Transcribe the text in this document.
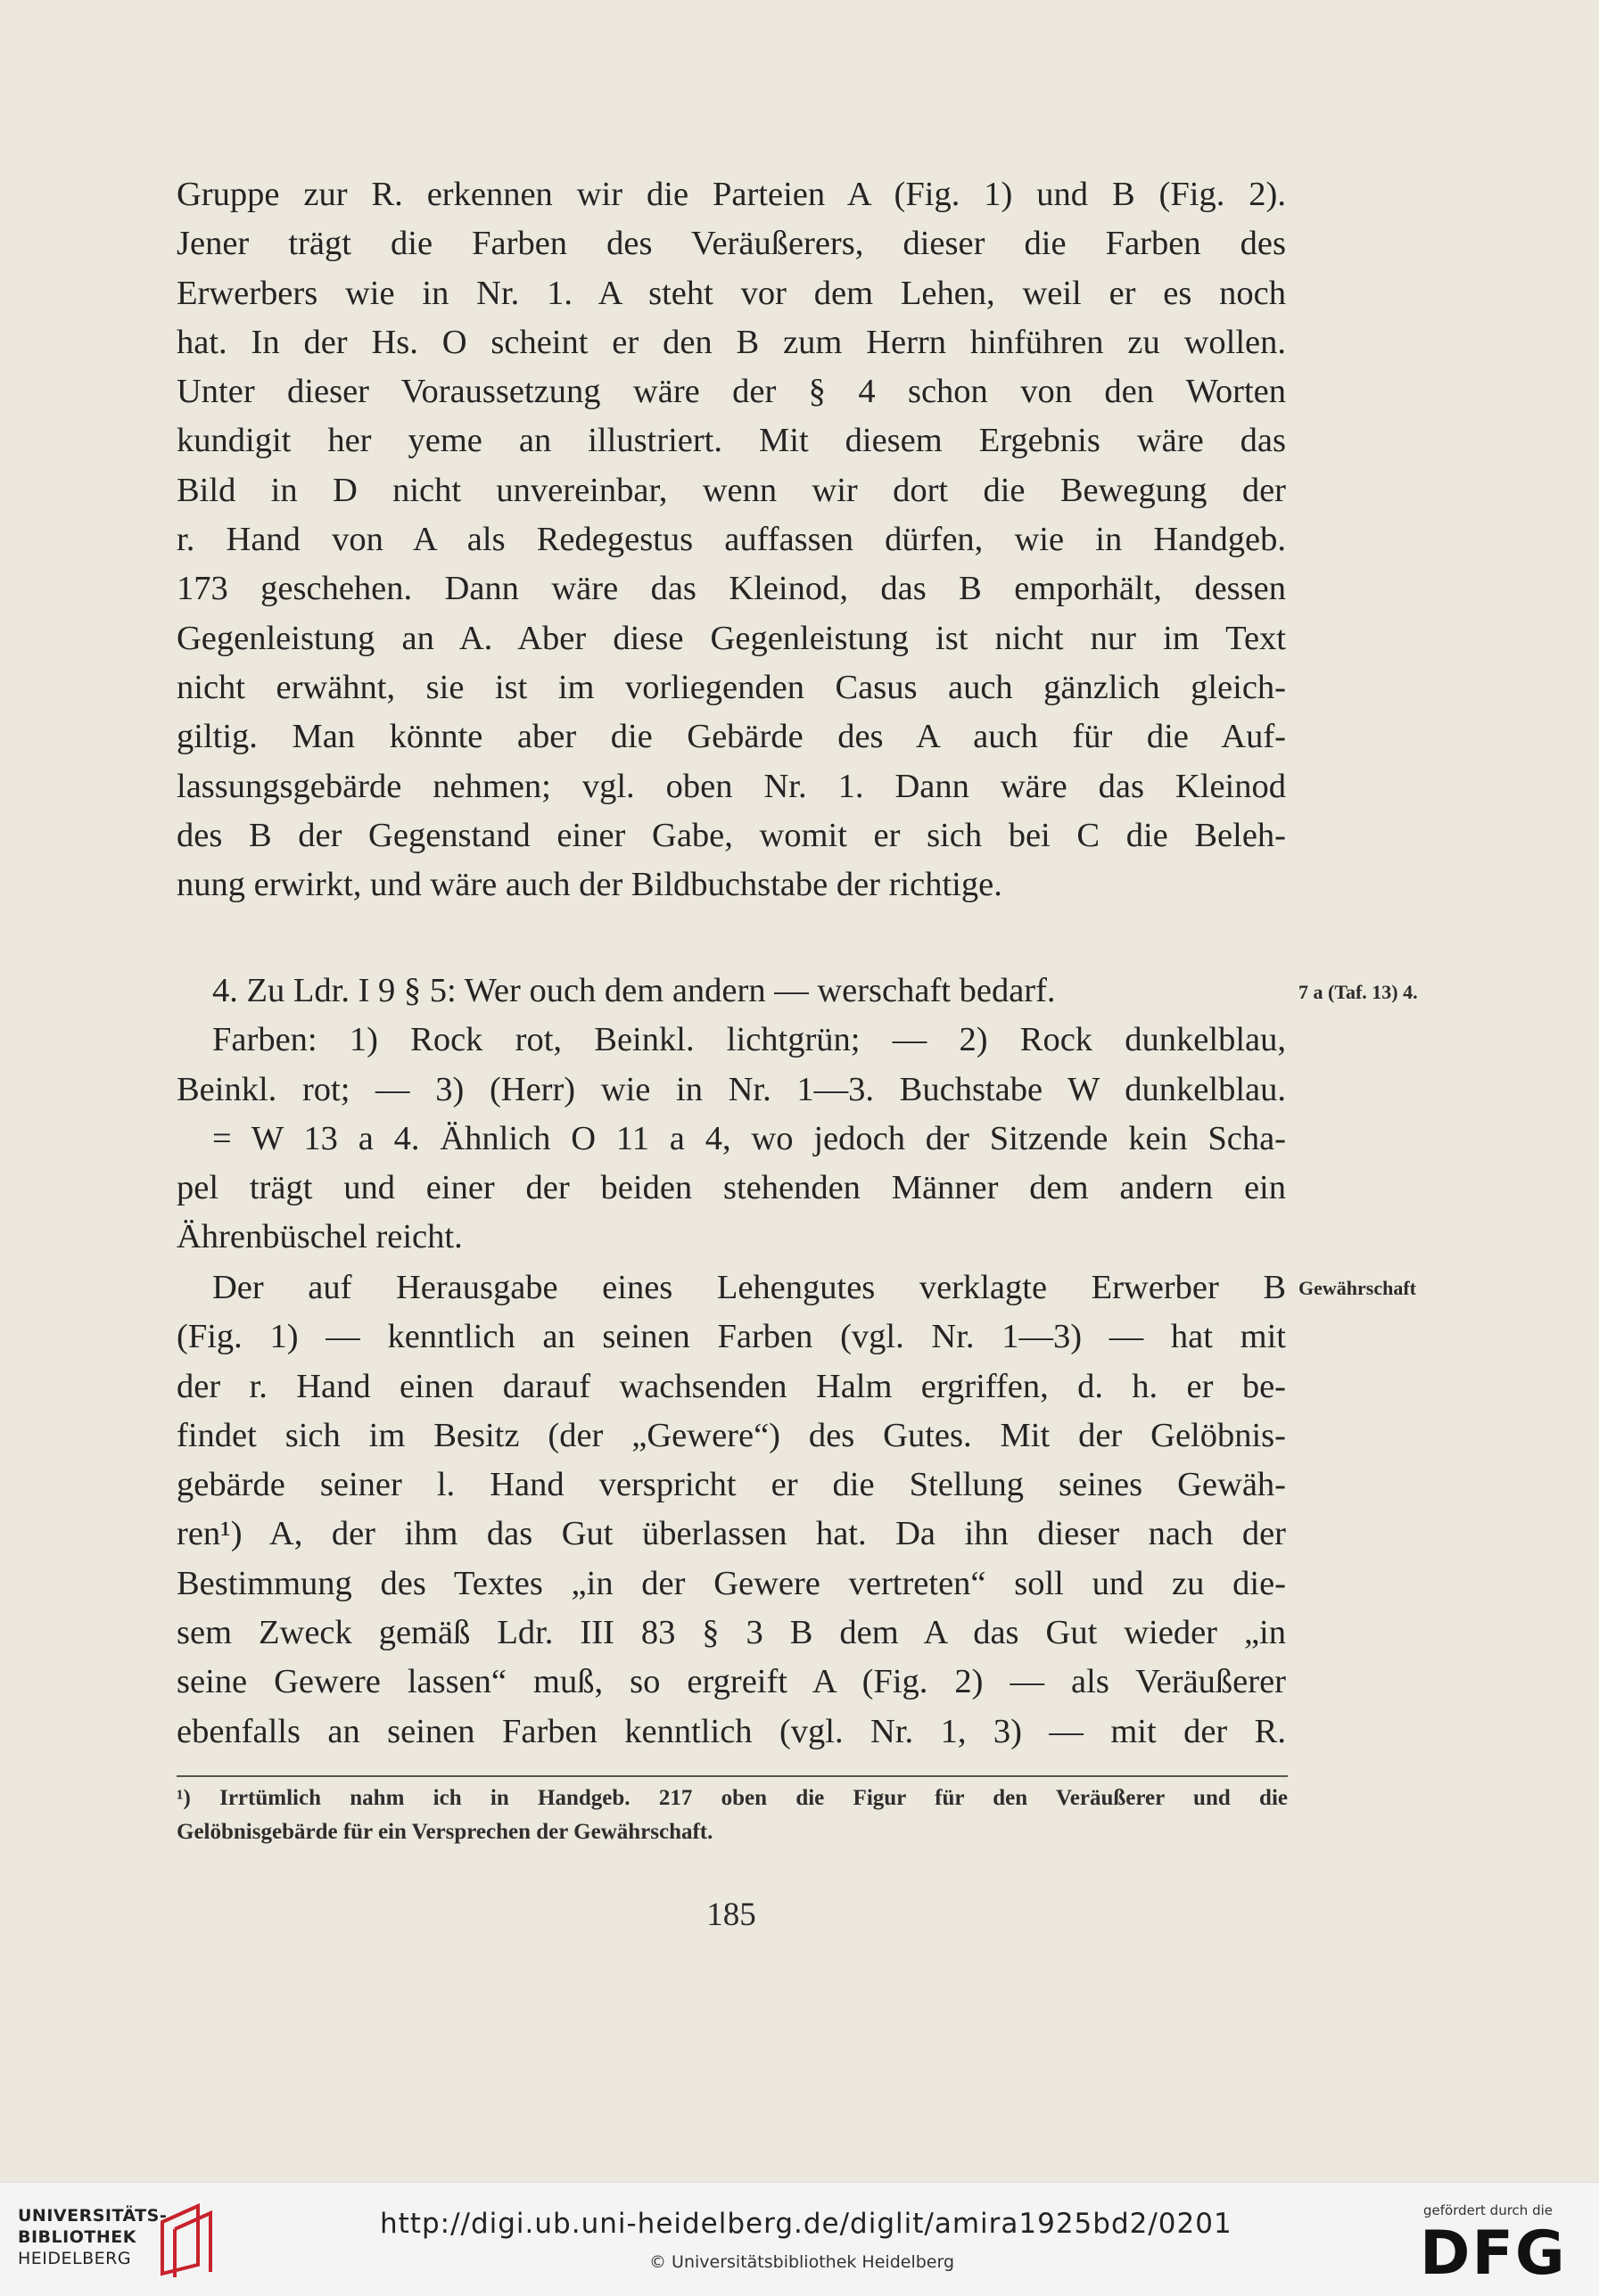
Gruppe zur R. erkennen wir die Parteien A (Fig. 1) und B (Fig. 2).
Jener trägt die Farben des Veräußerers, dieser die Farben des
Erwerbers wie in Nr. 1. A steht vor dem Lehen, weil er es noch
hat. In der Hs. O scheint er den B zum Herrn hinführen zu wollen.
Unter dieser Voraussetzung wäre der § 4 schon von den Worten
kundigit her yeme an illustriert. Mit diesem Ergebnis wäre das
Bild in D nicht unvereinbar, wenn wir dort die Bewegung der
r. Hand von A als Redegestus auffassen dürfen, wie in Handgeb.
173 geschehen. Dann wäre das Kleinod, das B emporhält, dessen
Gegenleistung an A. Aber diese Gegenleistung ist nicht nur im Text
nicht erwähnt, sie ist im vorliegenden Casus auch gänzlich gleich-
giltig. Man könnte aber die Gebärde des A auch für die Auf-
lassungsgebärde nehmen; vgl. oben Nr. 1. Dann wäre das Kleinod
des B der Gegenstand einer Gabe, womit er sich bei C die Beleh-
nung erwirkt, und wäre auch der Bildbuchstabe der richtige.

4. Zu Ldr. I 9 § 5: Wer ouch dem andern — werschaft bedarf.
Farben: 1) Rock rot, Beinkl. lichtgrün; — 2) Rock dunkelblau,
Beinkl. rot; — 3) (Herr) wie in Nr. 1—3. Buchstabe W dunkelblau.
= W 13 a 4. Ähnlich O 11 a 4, wo jedoch der Sitzende kein Scha-
pel trägt und einer der beiden stehenden Männer dem andern ein
Ährenbüschel reicht.

Der auf Herausgabe eines Lehengutes verklagte Erwerber B
(Fig. 1) — kenntlich an seinen Farben (vgl. Nr. 1—3) — hat mit
der r. Hand einen darauf wachsenden Halm ergriffen, d. h. er be-
findet sich im Besitz (der „Gewere“) des Gutes. Mit der Gelöbnis-
gebärde seiner l. Hand verspricht er die Stellung seines Gewäh-
ren¹) A, der ihm das Gut überlassen hat. Da ihn dieser nach der
Bestimmung des Textes „in der Gewere vertreten“ soll und zu die-
sem Zweck gemäß Ldr. III 83 § 3 B dem A das Gut wieder „in
seine Gewere lassen“ muß, so ergreift A (Fig. 2) — als Veräußerer
ebenfalls an seinen Farben kenntlich (vgl. Nr. 1, 3) — mit der R.

7 a (Taf. 13) 4.
Gewährschaft
¹) Irrtümlich nahm ich in Handgeb. 217 oben die Figur für den Veräußerer und die
Gelöbnisgebärde für ein Versprechen der Gewährschaft.
185
UNIVERSITÄTS-
BIBLIOTHEK
HEIDELBERG
http://digi.ub.uni-heidelberg.de/diglit/amira1925bd2/0201
© Universitätsbibliothek Heidelberg
gefördert durch die
DFG
